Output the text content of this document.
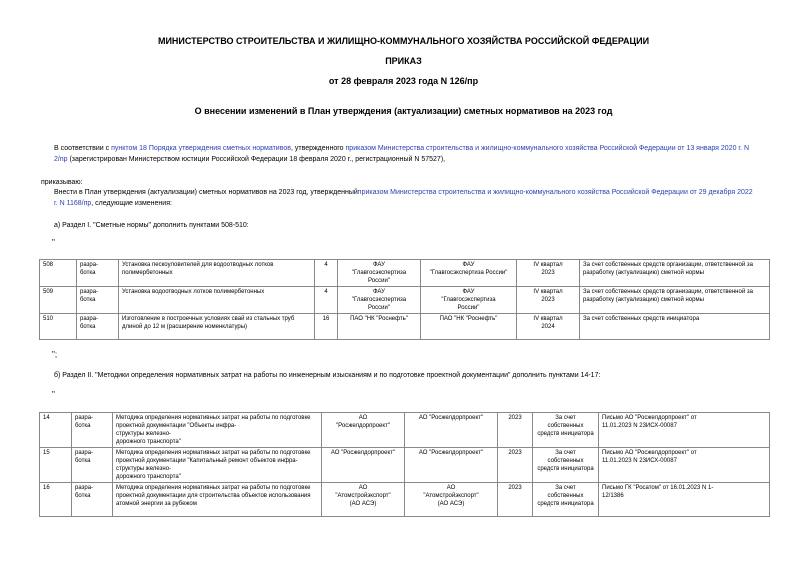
МИНИСТЕРСТВО СТРОИТЕЛЬСТВА И ЖИЛИЩНО-КОММУНАЛЬНОГО ХОЗЯЙСТВА РОССИЙСКОЙ ФЕДЕРАЦИИ
ПРИКАЗ
от 28 февраля 2023 года N 126/пр
О внесении изменений в План утверждения (актуализации) сметных нормативов на 2023 год
В соответствии с пунктом 18 Порядка утверждения сметных нормативов, утвержденного приказом Министерства строительства и жилищно-коммунального хозяйства Российской Федерации от 13 января 2020 г. N 2/пр (зарегистрирован Министерством юстиции Российской Федерации 18 февраля 2020 г., регистрационный N 57527),
приказываю:
Внести в План утверждения (актуализации) сметных нормативов на 2023 год, утвержденныйприказом Министерства строительства и жилищно-коммунального хозяйства Российской Федерации от 29 декабря 2022 г. N 1168/пр, следующие изменения:
а) Раздел I. "Сметные нормы" дополнить пунктами 508-510:
"
508	разра-
ботка	Установка пескоуловителей для водоотводных лотков полимербетонных	4	ФАУ
"Главгосэкспертиза России"	ФАУ
"Главгосэкспертиза России"	IV квартал
2023	За счет собственных средств организации, ответственной за разработку (актуализацию) сметной нормы
509	разра-
ботка	Установка водоотводных лотков полимербетонных	4	ФАУ
"Главгосэкспертиза России"	ФАУ
"Главгосэкспертиза
России"	IV квартал
2023	За счет собственных средств организации, ответственной за разработку (актуализацию) сметной нормы
510	разра-
ботка	Изготовление в построечных условиях свай из стальных труб длиной до 12 м (расширение номенклатуры)	16	ПАО "НК "Роснефть"	ПАО "НК "Роснефть"	IV квартал
2024	За счет собственных средств инициатора
";
б) Раздел II. "Методики определения нормативных затрат на работы по инженерным изысканиям и по подготовке проектной документации" дополнить пунктами 14-17:
"
14	разра-
ботка	Методика определения нормативных затрат на работы по подготовке проектной документации "Объекты инфра-
структуры железно-
дорожного транспорта"	АО
"Росжелдорпроект"	АО "Росжелдорпроект"	2023	За счет
собственных
средств инициатора	Письмо АО "Росжелдорпроект" от
11.01.2023 N 23ИСХ-00087
15	разра-
ботка	Методика определения нормативных затрат на работы по подготовке проектной документации "Капитальный ремонт объектов инфра-
структуры железно-
дорожного транспорта"	АО "Росжелдорпроект"	АО "Росжелдорпроект"	2023	За счет
собственных
средств инициатора	Письмо АО "Росжелдорпроект" от
11.01.2023 N 23ИСХ-00087
16	разра-
ботка	Методика определения нормативных затрат на работы по подготовке проектной документации для строительства объектов использования атомной энергии за рубежом	АО
"Атомстройэкспорт"
(АО АСЭ)	АО
"Атомстройэкспорт"
(АО АСЭ)	2023	За счет
собственных
средств инициатора	Письмо ГК "Росатом" от 16.01.2023 N 1-
12/1386
